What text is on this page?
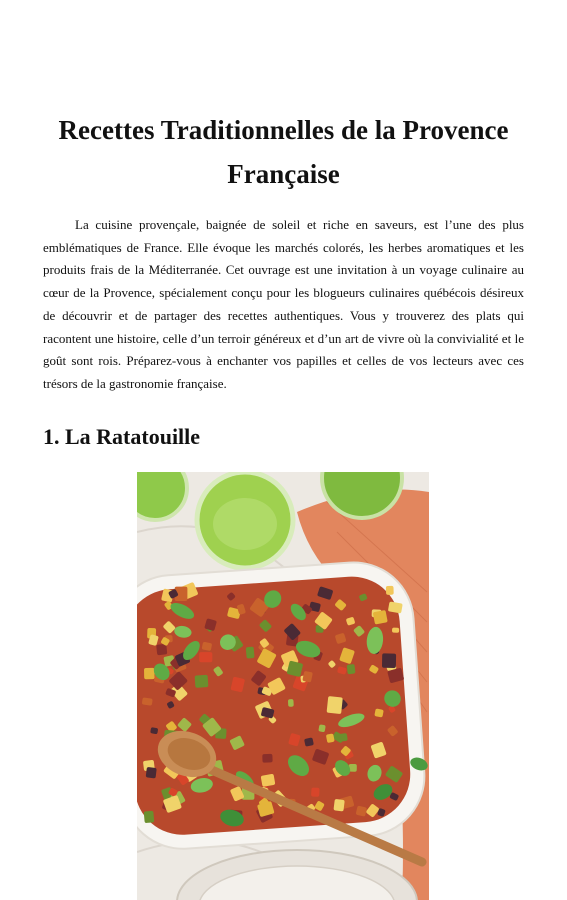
Recettes Traditionnelles de la Provence Française

La cuisine provençale, baignée de soleil et riche en saveurs, est l’une des plus emblématiques de France. Elle évoque les marchés colorés, les herbes aromatiques et les produits frais de la Méditerranée. Cet ouvrage est une invitation à un voyage culinaire au cœur de la Provence, spécialement conçu pour les blogueurs culinaires québécois désireux de découvrir et de partager des recettes authentiques. Vous y trouverez des plats qui racontent une histoire, celle d’un terroir généreux et d’un art de vivre où la convivialité et le goût sont rois. Préparez-vous à enchanter vos papilles et celles de vos lecteurs avec ces trésors de la gastronomie française.

1. La Ratatouille
